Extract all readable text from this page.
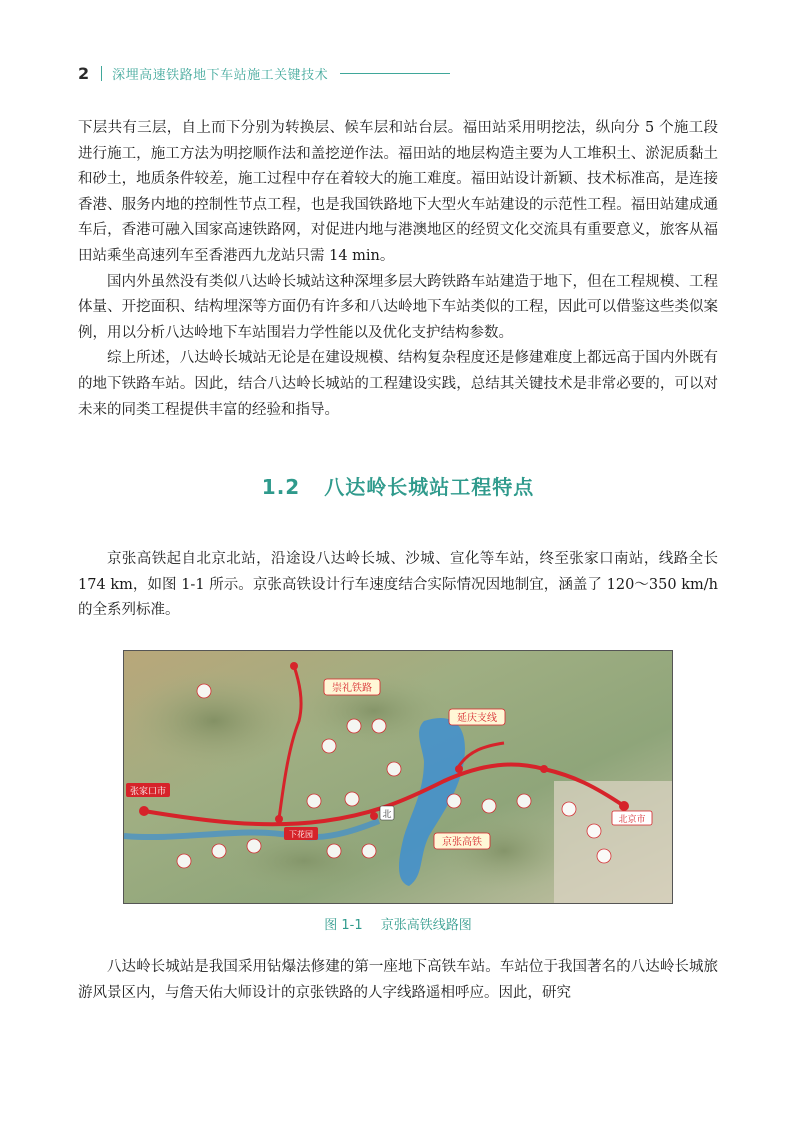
2 深埋高速铁路地下车站施工关键技术

下层共有三层，自上而下分别为转换层、候车层和站台层。福田站采用明挖法，纵向分 5 个施工段进行施工，施工方法为明挖顺作法和盖挖逆作法。福田站的地层构造主要为人工堆积土、淤泥质黏土和砂土，地质条件较差，施工过程中存在着较大的施工难度。福田站设计新颖、技术标准高，是连接香港、服务内地的控制性节点工程，也是我国铁路地下大型火车站建设的示范性工程。福田站建成通车后，香港可融入国家高速铁路网，对促进内地与港澳地区的经贸文化交流具有重要意义，旅客从福田站乘坐高速列车至香港西九龙站只需 14 min。

国内外虽然没有类似八达岭长城站这种深埋多层大跨铁路车站建造于地下，但在工程规模、工程体量、开挖面积、结构埋深等方面仍有许多和八达岭地下车站类似的工程，因此可以借鉴这些类似案例，用以分析八达岭地下车站围岩力学性能以及优化支护结构参数。

综上所述，八达岭长城站无论是在建设规模、结构复杂程度还是修建难度上都远高于国内外既有的地下铁路车站。因此，结合八达岭长城站的工程建设实践，总结其关键技术是非常必要的，可以对未来的同类工程提供丰富的经验和指导。

1.2 八达岭长城站工程特点

京张高铁起自北京北站，沿途设八达岭长城、沙城、宣化等车站，终至张家口南站，线路全长 174 km，如图 1-1 所示。京张高铁设计行车速度结合实际情况因地制宜，涵盖了 120～350 km/h 的全系列标准。

崇礼铁路
延庆支线
京张高铁
张家口市
北京市
下花园
北
图 1-1 京张高铁线路图

八达岭长城站是我国采用钻爆法修建的第一座地下高铁车站。车站位于我国著名的八达岭长城旅游风景区内，与詹天佑大师设计的京张铁路的人字线路遥相呼应。因此，研究
